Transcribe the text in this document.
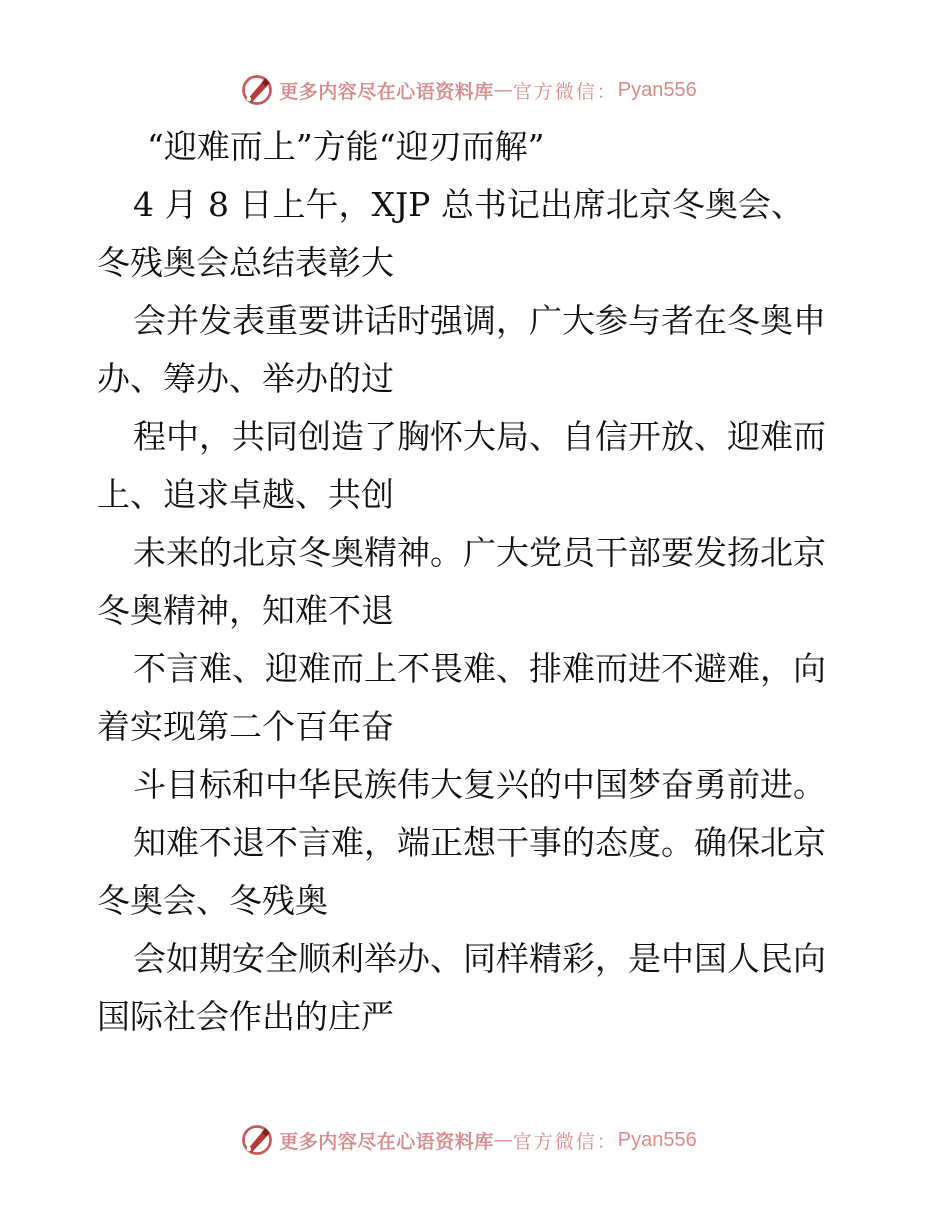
更多内容尽在心语资料库 — 官方微信： Pyan556
“迎难而上”方能“迎刃而解”
4 月 8 日上午，XJP 总书记出席北京冬奥会、
冬残奥会总结表彰大
会并发表重要讲话时强调，广大参与者在冬奥申
办、筹办、举办的过
程中，共同创造了胸怀大局、自信开放、迎难而
上、追求卓越、共创
未来的北京冬奥精神。广大党员干部要发扬北京
冬奥精神，知难不退
不言难、迎难而上不畏难、排难而进不避难，向
着实现第二个百年奋
斗目标和中华民族伟大复兴的中国梦奋勇前进。
知难不退不言难，端正想干事的态度。确保北京
冬奥会、冬残奥
会如期安全顺利举办、同样精彩，是中国人民向
国际社会作出的庄严
更多内容尽在心语资料库 — 官方微信： Pyan556
